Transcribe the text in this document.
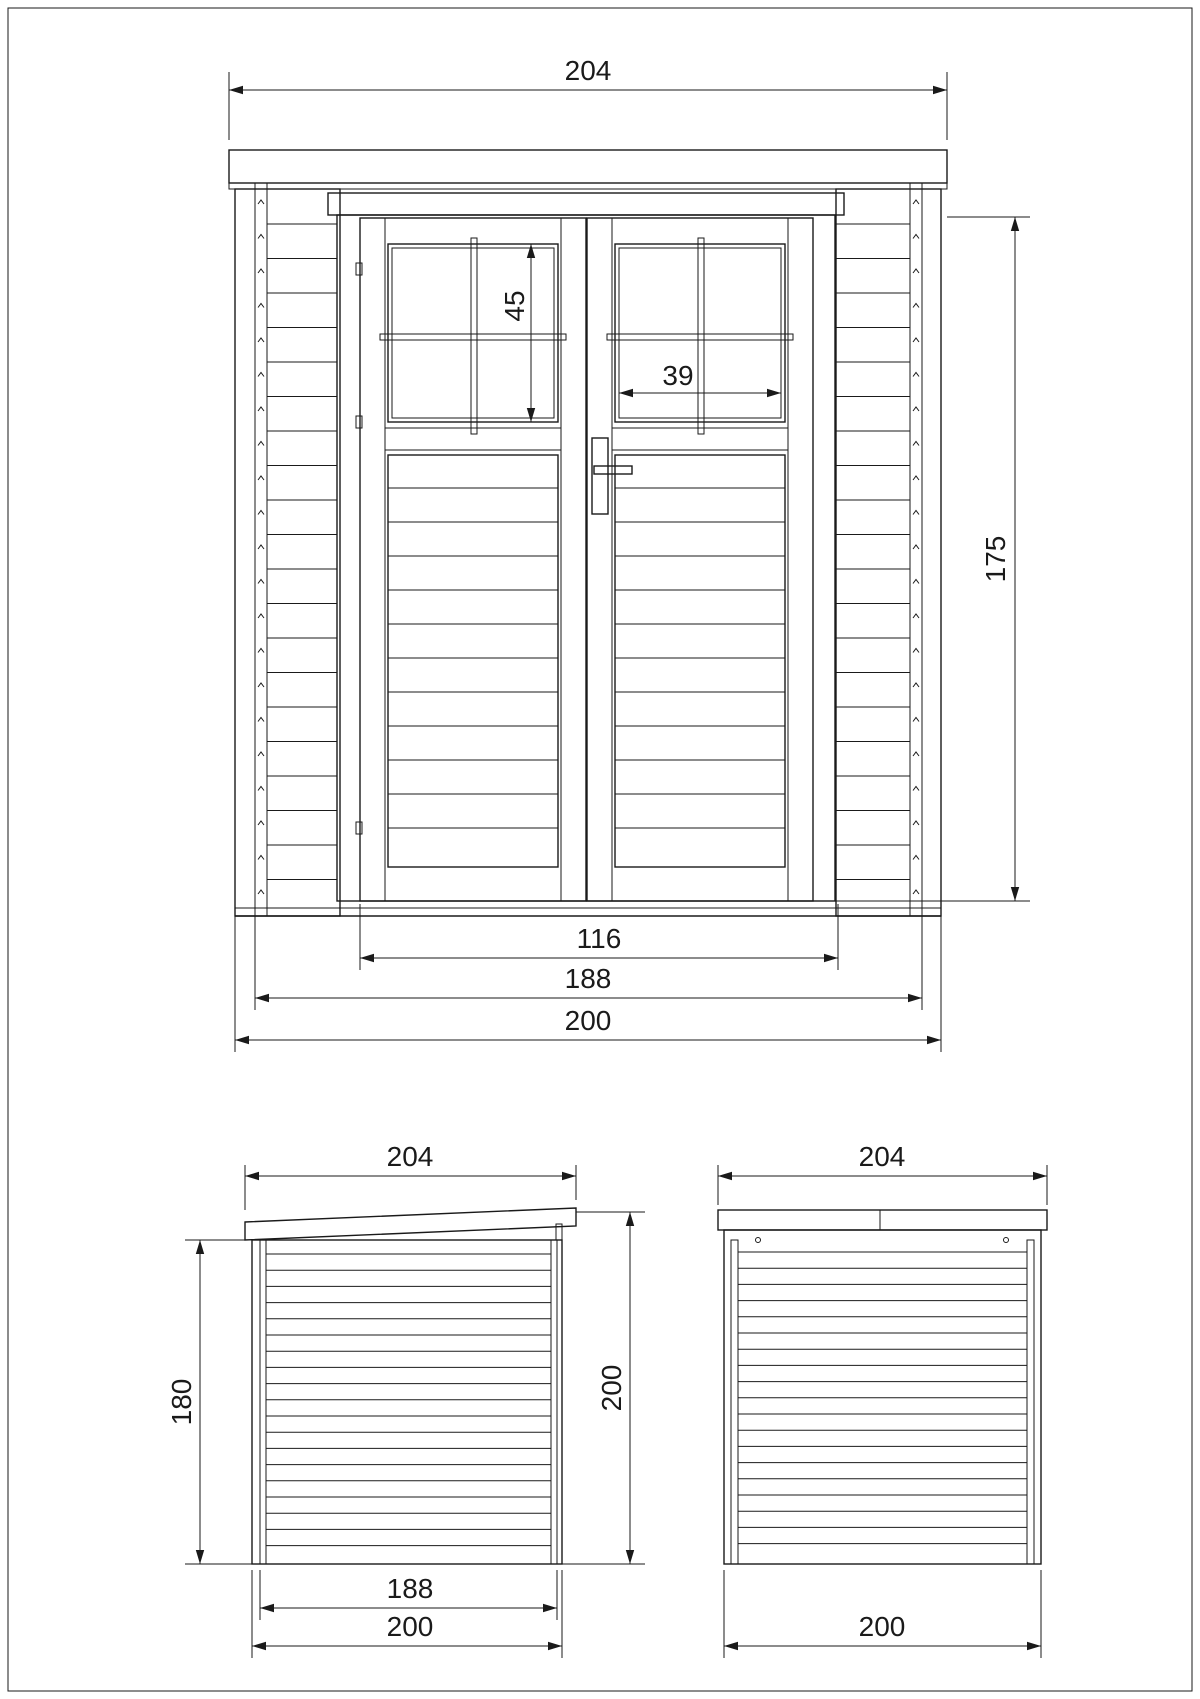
204
45
39
175
116
188
200
204
180	200
188
200
204
200
